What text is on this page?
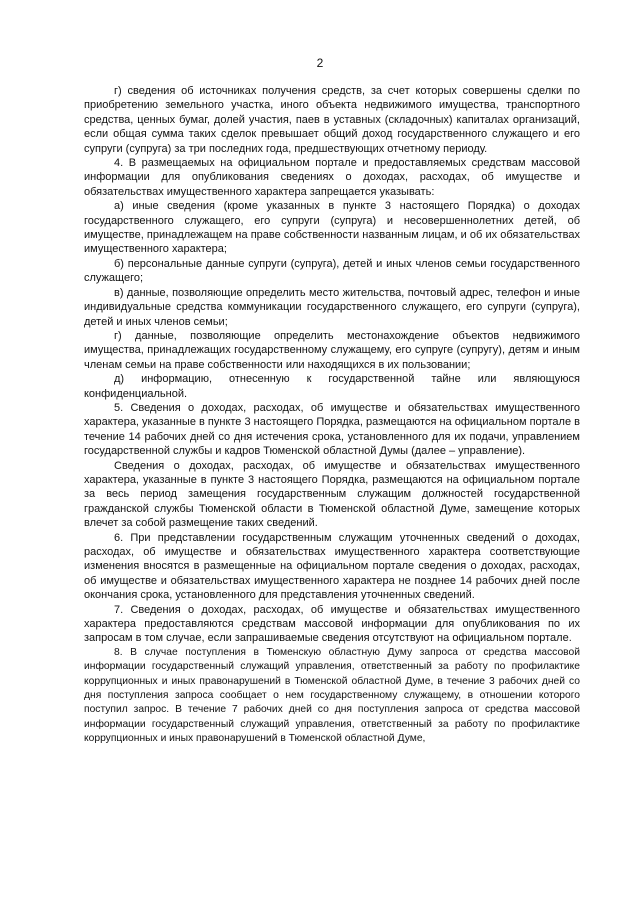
2

г) сведения об источниках получения средств, за счет которых совершены сделки по приобретению земельного участка, иного объекта недвижимого имущества, транспортного средства, ценных бумаг, долей участия, паев в уставных (складочных) капиталах организаций, если общая сумма таких сделок превышает общий доход государственного служащего и его супруги (супруга) за три последних года, предшествующих отчетному периоду.

4. В размещаемых на официальном портале и предоставляемых средствам массовой информации для опубликования сведениях о доходах, расходах, об имуществе и обязательствах имущественного характера запрещается указывать:

а) иные сведения (кроме указанных в пункте 3 настоящего Порядка) о доходах государственного служащего, его супруги (супруга) и несовершеннолетних детей, об имуществе, принадлежащем на праве собственности названным лицам, и об их обязательствах имущественного характера;

б) персональные данные супруги (супруга), детей и иных членов семьи государственного служащего;

в) данные, позволяющие определить место жительства, почтовый адрес, телефон и иные индивидуальные средства коммуникации государственного служащего, его супруги (супруга), детей и иных членов семьи;

г) данные, позволяющие определить местонахождение объектов недвижимого имущества, принадлежащих государственному служащему, его супруге (супругу), детям и иным членам семьи на праве собственности или находящихся в их пользовании;

д) информацию, отнесенную к государственной тайне или являющуюся конфиденциальной.

5. Сведения о доходах, расходах, об имуществе и обязательствах имущественного характера, указанные в пункте 3 настоящего Порядка, размещаются на официальном портале в течение 14 рабочих дней со дня истечения срока, установленного для их подачи, управлением государственной службы и кадров Тюменской областной Думы (далее – управление).

Сведения о доходах, расходах, об имуществе и обязательствах имущественного характера, указанные в пункте 3 настоящего Порядка, размещаются на официальном портале за весь период замещения государственным служащим должностей государственной гражданской службы Тюменской области в Тюменской областной Думе, замещение которых влечет за собой размещение таких сведений.

6. При представлении государственным служащим уточненных сведений о доходах, расходах, об имуществе и обязательствах имущественного характера соответствующие изменения вносятся в размещенные на официальном портале сведения о доходах, расходах, об имуществе и обязательствах имущественного характера не позднее 14 рабочих дней после окончания срока, установленного для представления уточненных сведений.

7. Сведения о доходах, расходах, об имуществе и обязательствах имущественного характера предоставляются средствам массовой информации для опубликования по их запросам в том случае, если запрашиваемые сведения отсутствуют на официальном портале.

8. В случае поступления в Тюменскую областную Думу запроса от средства массовой информации государственный служащий управления, ответственный за работу по профилактике коррупционных и иных правонарушений в Тюменской областной Думе, в течение 3 рабочих дней со дня поступления запроса сообщает о нем государственному служащему, в отношении которого поступил запрос. В течение 7 рабочих дней со дня поступления запроса от средства массовой информации государственный служащий управления, ответственный за работу по профилактике коррупционных и иных правонарушений в Тюменской областной Думе,
